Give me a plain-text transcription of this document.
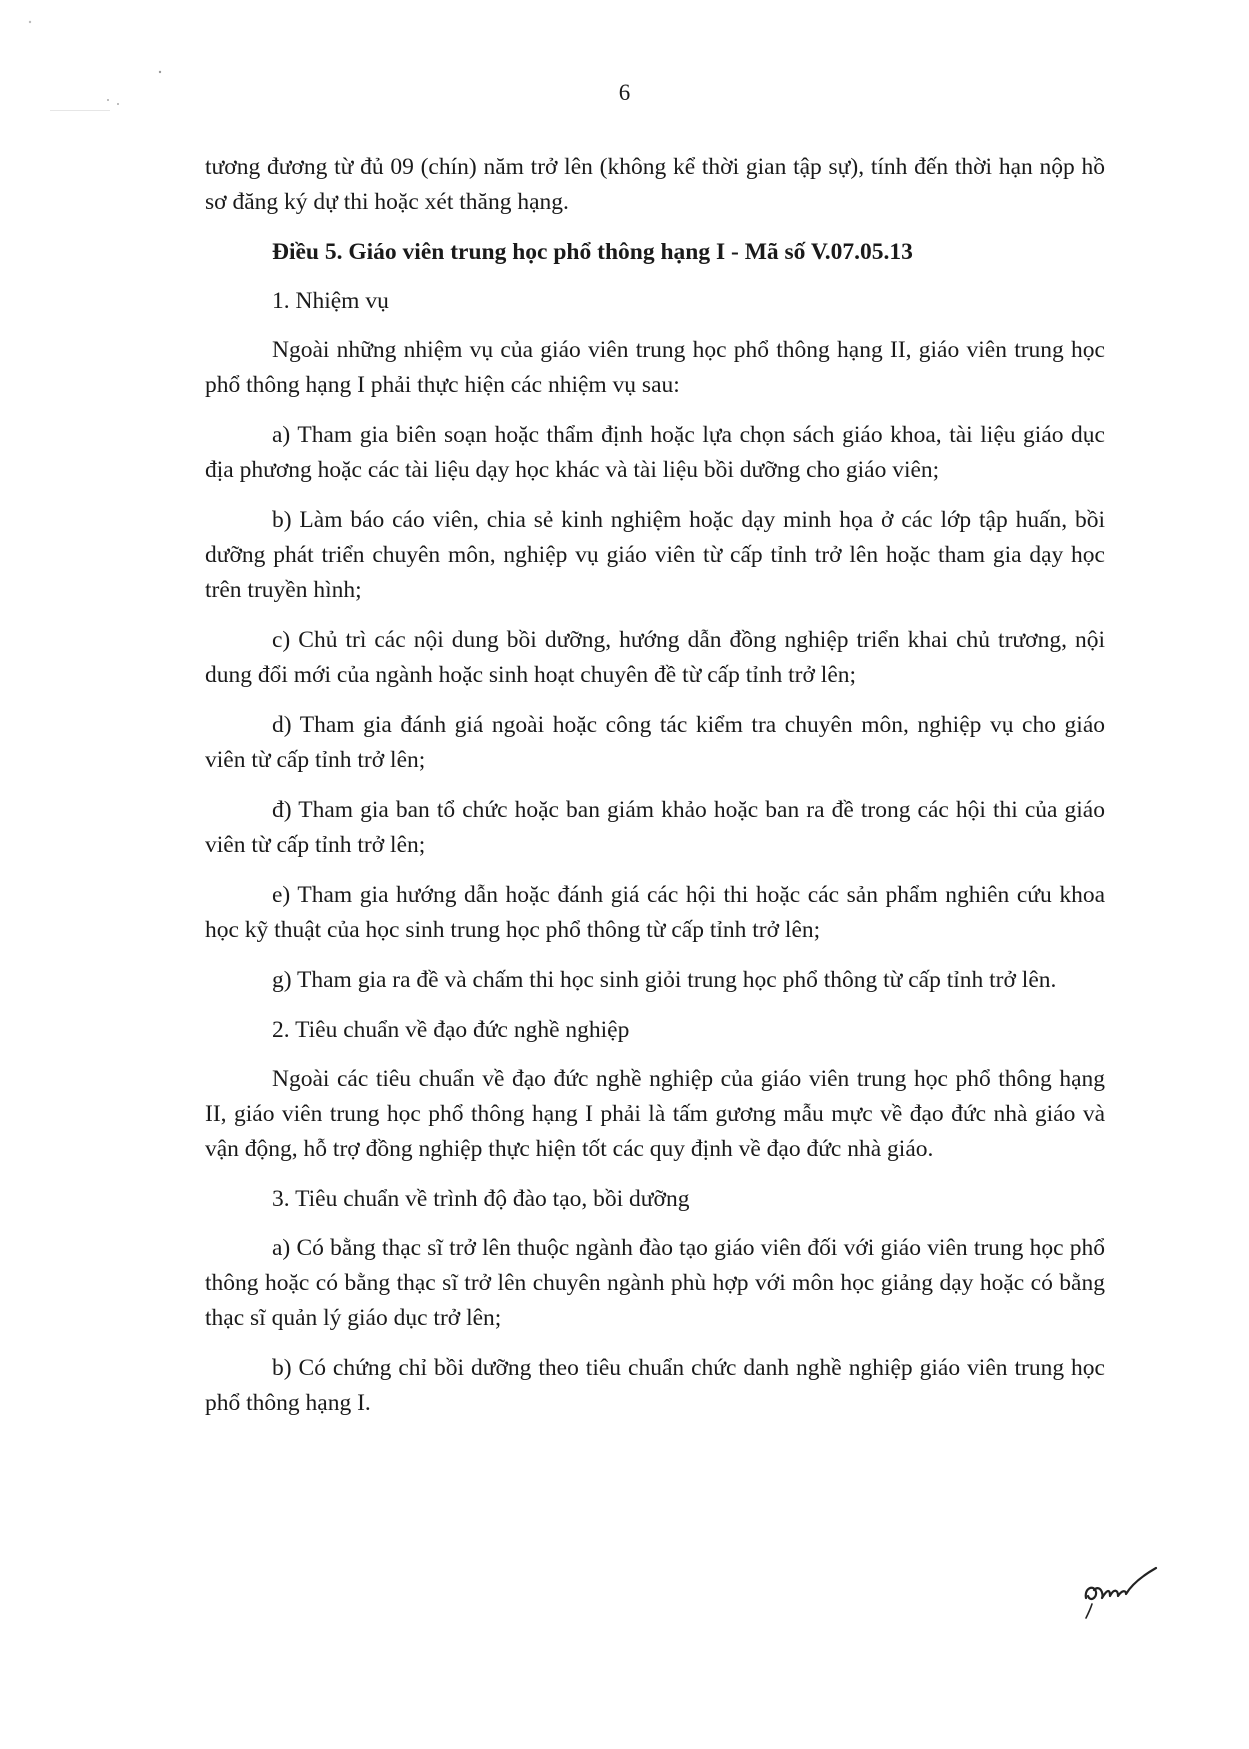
6

tương đương từ đủ 09 (chín) năm trở lên (không kể thời gian tập sự), tính đến thời hạn nộp hồ sơ đăng ký dự thi hoặc xét thăng hạng.

Điều 5. Giáo viên trung học phổ thông hạng I - Mã số V.07.05.13

1. Nhiệm vụ

Ngoài những nhiệm vụ của giáo viên trung học phổ thông hạng II, giáo viên trung học phổ thông hạng I phải thực hiện các nhiệm vụ sau:

a) Tham gia biên soạn hoặc thẩm định hoặc lựa chọn sách giáo khoa, tài liệu giáo dục địa phương hoặc các tài liệu dạy học khác và tài liệu bồi dưỡng cho giáo viên;

b) Làm báo cáo viên, chia sẻ kinh nghiệm hoặc dạy minh họa ở các lớp tập huấn, bồi dưỡng phát triển chuyên môn, nghiệp vụ giáo viên từ cấp tỉnh trở lên hoặc tham gia dạy học trên truyền hình;

c) Chủ trì các nội dung bồi dưỡng, hướng dẫn đồng nghiệp triển khai chủ trương, nội dung đổi mới của ngành hoặc sinh hoạt chuyên đề từ cấp tỉnh trở lên;

d) Tham gia đánh giá ngoài hoặc công tác kiểm tra chuyên môn, nghiệp vụ cho giáo viên từ cấp tỉnh trở lên;

đ) Tham gia ban tổ chức hoặc ban giám khảo hoặc ban ra đề trong các hội thi của giáo viên từ cấp tỉnh trở lên;

e) Tham gia hướng dẫn hoặc đánh giá các hội thi hoặc các sản phẩm nghiên cứu khoa học kỹ thuật của học sinh trung học phổ thông từ cấp tỉnh trở lên;

g) Tham gia ra đề và chấm thi học sinh giỏi trung học phổ thông từ cấp tỉnh trở lên.

2. Tiêu chuẩn về đạo đức nghề nghiệp

Ngoài các tiêu chuẩn về đạo đức nghề nghiệp của giáo viên trung học phổ thông hạng II, giáo viên trung học phổ thông hạng I phải là tấm gương mẫu mực về đạo đức nhà giáo và vận động, hỗ trợ đồng nghiệp thực hiện tốt các quy định về đạo đức nhà giáo.

3. Tiêu chuẩn về trình độ đào tạo, bồi dưỡng

a) Có bằng thạc sĩ trở lên thuộc ngành đào tạo giáo viên đối với giáo viên trung học phổ thông hoặc có bằng thạc sĩ trở lên chuyên ngành phù hợp với môn học giảng dạy hoặc có bằng thạc sĩ quản lý giáo dục trở lên;

b) Có chứng chỉ bồi dưỡng theo tiêu chuẩn chức danh nghề nghiệp giáo viên trung học phổ thông hạng I.
